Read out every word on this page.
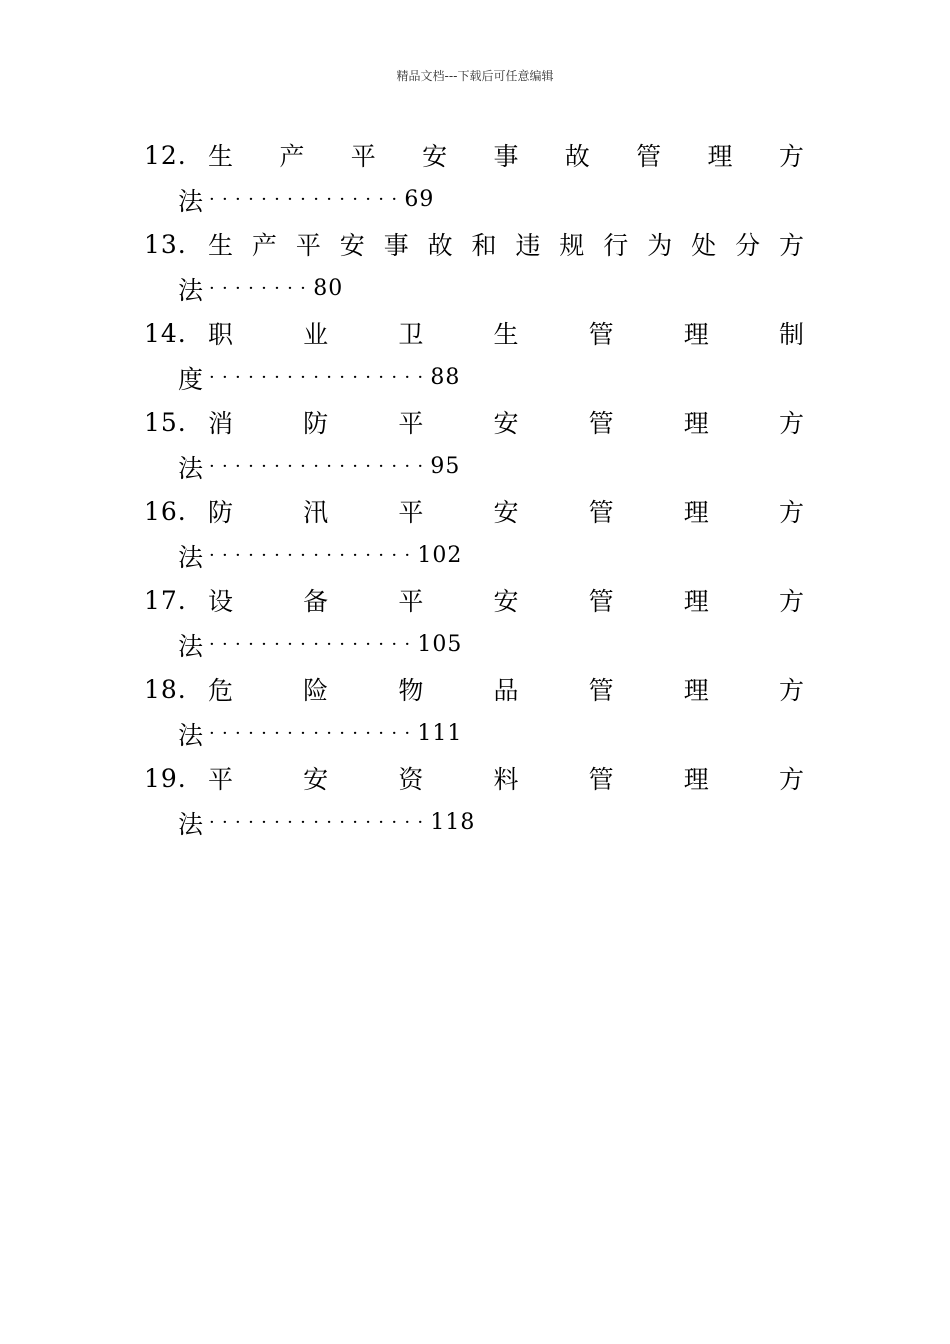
精品文档---下载后可任意编辑
12. 生 产 平 安 事 故 管 理 方
法 ··············· 69
13. 生 产 平 安 事 故 和 违 规 行 为 处 分 方
法 ········ 80
14. 职	业	卫	生	管	理	制
度 ················· 88
15. 消	防	平	安	管	理	方
法 ················· 95
16. 防	汛	平	安	管	理	方
法 ················ 102
17. 设	备	平	安	管	理	方
法 ················ 105
18. 危	险	物	品	管	理	方
法 ················ 111
19. 平	安	资	料	管	理	方
法 ················· 118
